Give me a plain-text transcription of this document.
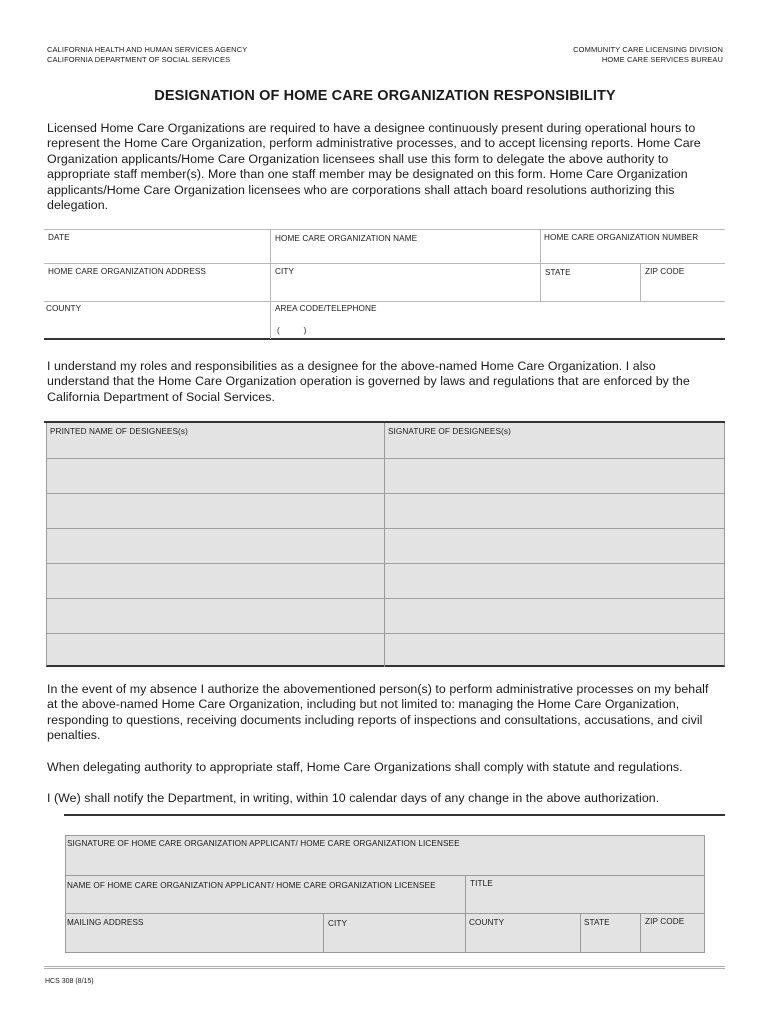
CALIFORNIA HEALTH AND HUMAN SERVICES AGENCY
CALIFORNIA DEPARTMENT OF SOCIAL SERVICES
COMMUNITY CARE LICENSING DIVISION
HOME CARE SERVICES BUREAU
DESIGNATION OF HOME CARE ORGANIZATION RESPONSIBILITY
Licensed Home Care Organizations are required to have a designee continuously present during operational hours to
represent the Home Care Organization, perform administrative processes, and to accept licensing reports. Home Care
Organization applicants/Home Care Organization licensees shall use this form to delegate the above authority to
appropriate staff member(s). More than one staff member may be designated on this form. Home Care Organization
applicants/Home Care Organization licensees who are corporations shall attach board resolutions authorizing this
delegation.
DATE	HOME CARE ORGANIZATION NAME	HOME CARE ORGANIZATION NUMBER
HOME CARE ORGANIZATION ADDRESS	CITY	STATE	ZIP CODE
COUNTY	AREA CODE/TELEPHONE
(          )
I understand my roles and responsibilities as a designee for the above-named Home Care Organization. I also
understand that the Home Care Organization operation is governed by laws and regulations that are enforced by the
California Department of Social Services.
PRINTED NAME OF DESIGNEES(s)	SIGNATURE OF DESIGNEES(s)
In the event of my absence I authorize the abovementioned person(s) to perform administrative processes on my behalf
at the above-named Home Care Organization, including but not limited to: managing the Home Care Organization,
responding to questions, receiving documents including reports of inspections and consultations, accusations, and civil
penalties.
When delegating authority to appropriate staff, Home Care Organizations shall comply with statute and regulations.
I (We) shall notify the Department, in writing, within 10 calendar days of any change in the above authorization.
SIGNATURE OF HOME CARE ORGANIZATION APPLICANT/ HOME CARE ORGANIZATION LICENSEE
NAME OF HOME CARE ORGANIZATION APPLICANT/ HOME CARE ORGANIZATION LICENSEE	TITLE
MAILING ADDRESS	CITY	COUNTY	STATE	ZIP CODE
HCS 308 (8/15)
